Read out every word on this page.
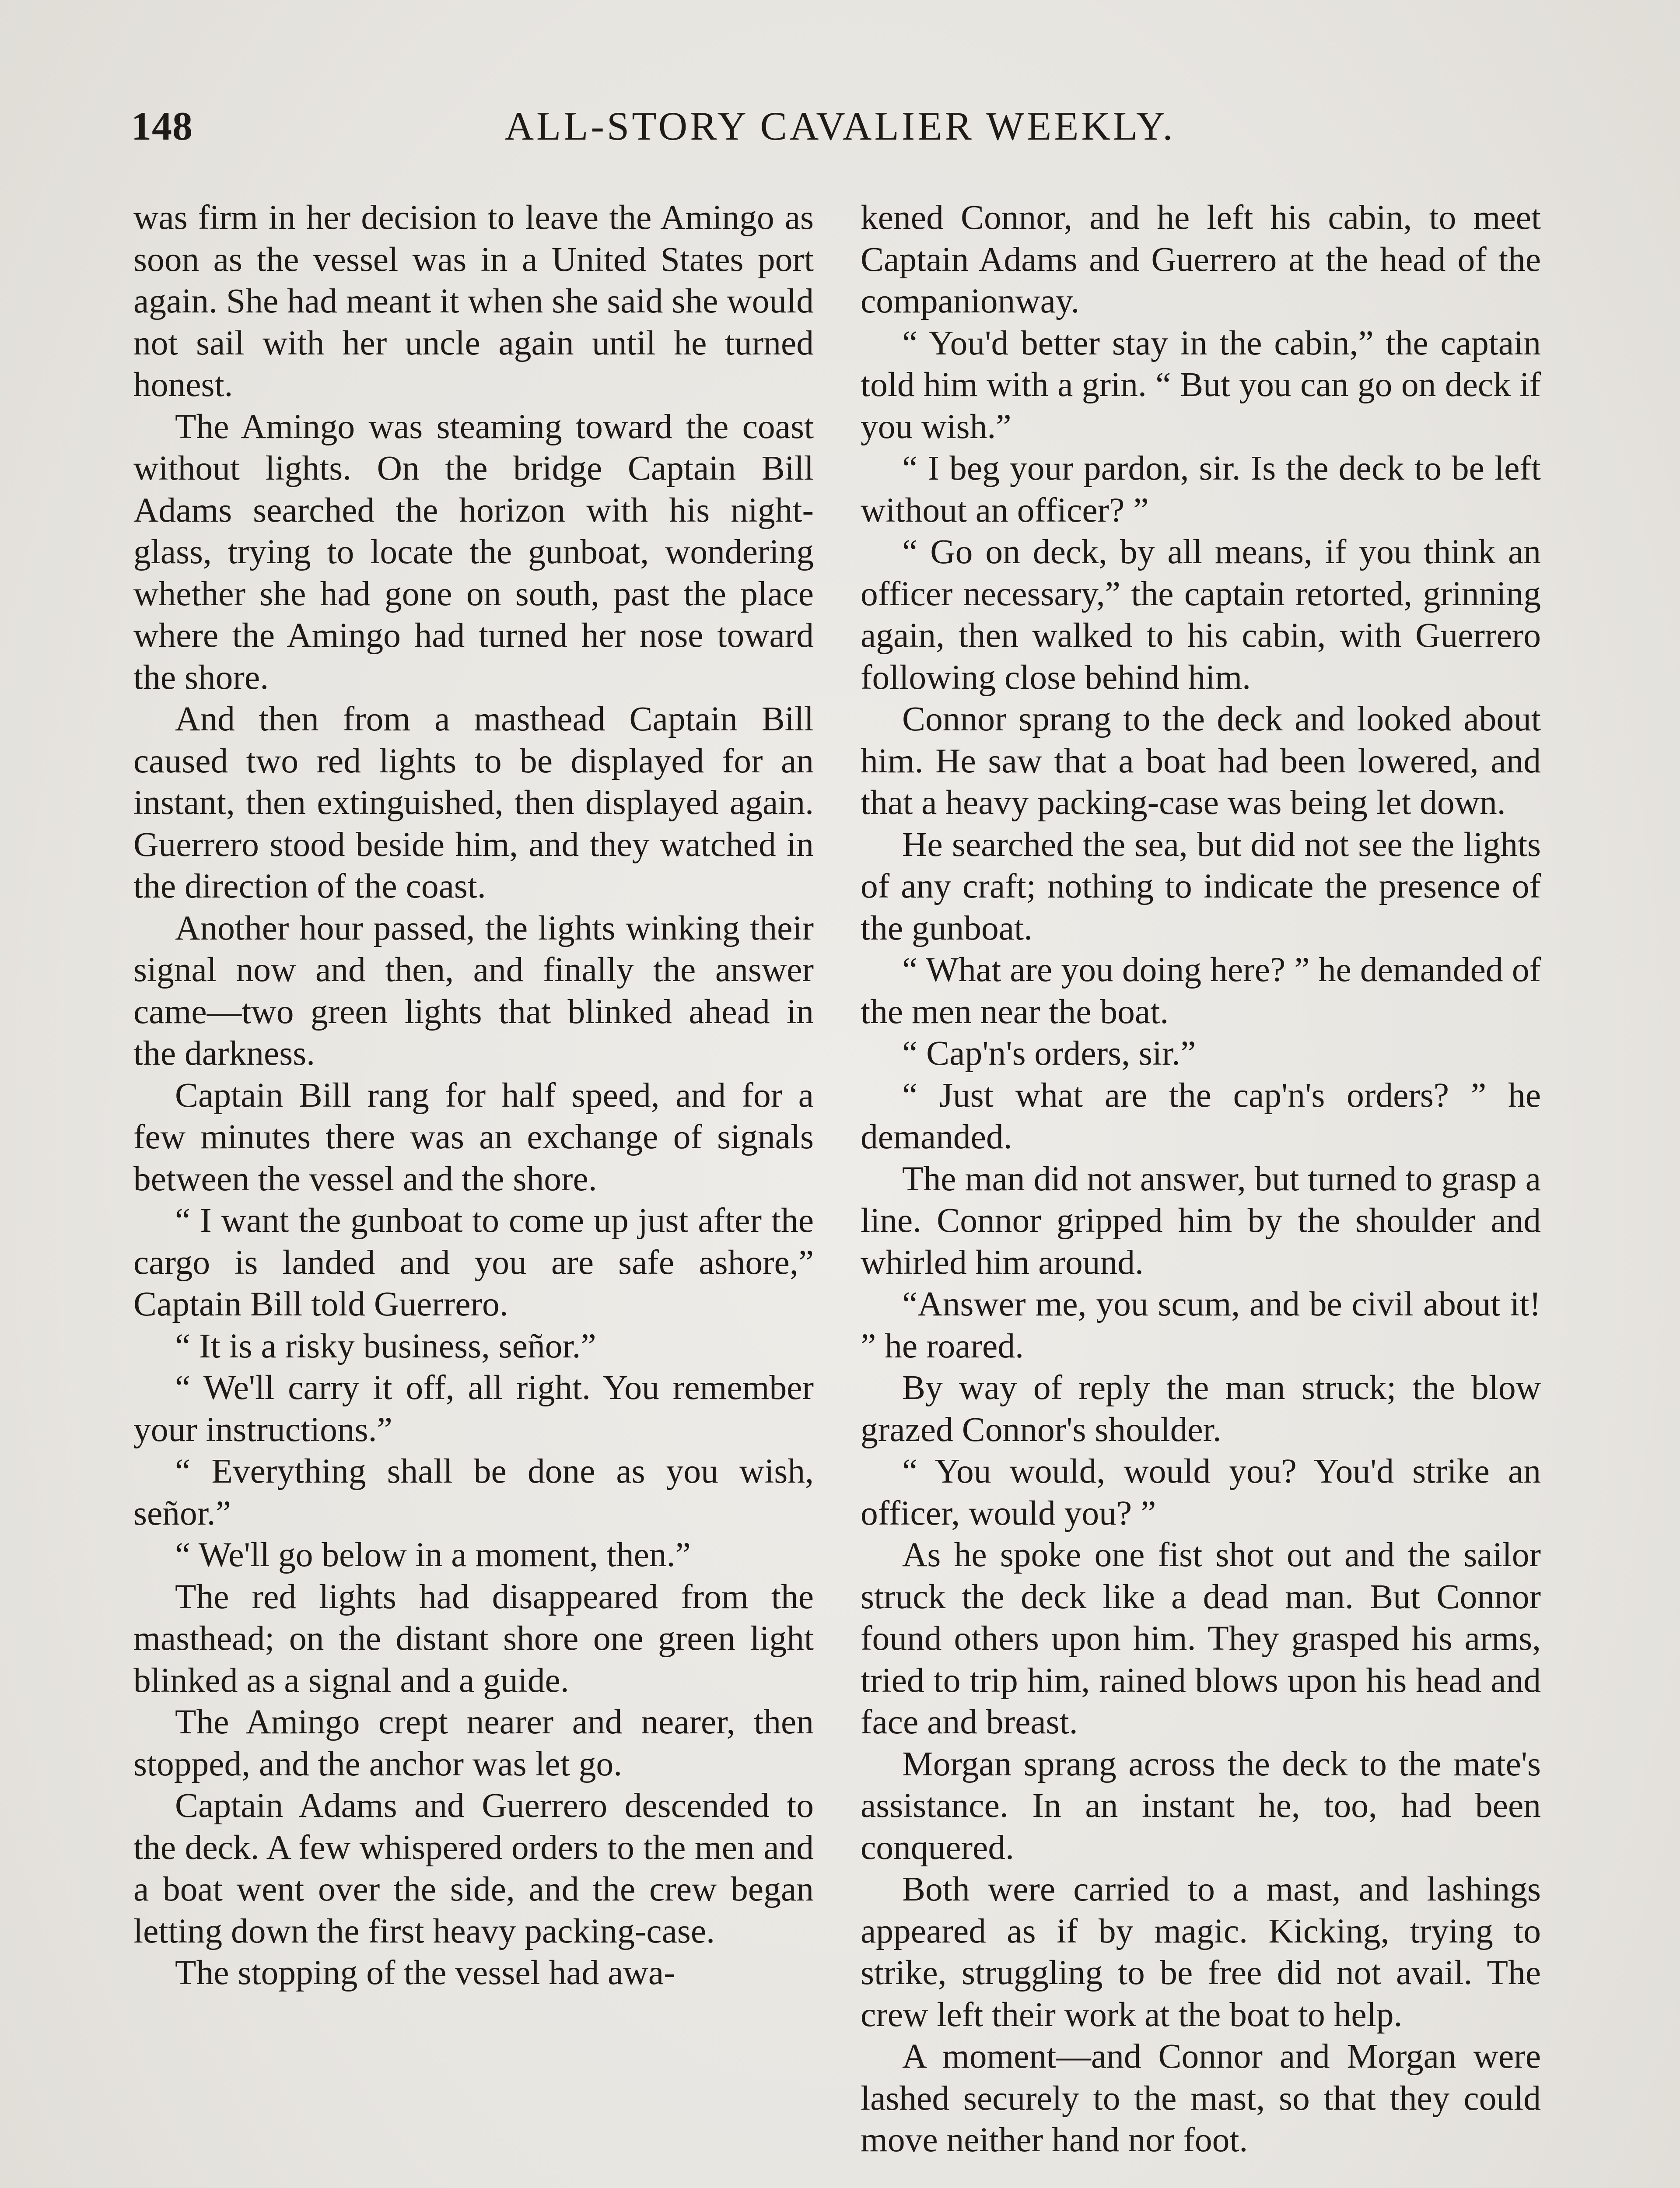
148	ALL-STORY CAVALIER WEEKLY.

was firm in her decision to leave the Amingo as soon as the vessel was in a United States port again. She had meant it when she said she would not sail with her uncle again until he turned honest.

The Amingo was steaming toward the coast without lights. On the bridge Captain Bill Adams searched the horizon with his night-glass, trying to locate the gunboat, wondering whether she had gone on south, past the place where the Amingo had turned her nose toward the shore.

And then from a masthead Captain Bill caused two red lights to be displayed for an instant, then extinguished, then displayed again. Guerrero stood beside him, and they watched in the direction of the coast.

Another hour passed, the lights winking their signal now and then, and finally the answer came—two green lights that blinked ahead in the darkness.

Captain Bill rang for half speed, and for a few minutes there was an exchange of signals between the vessel and the shore.

“ I want the gunboat to come up just after the cargo is landed and you are safe ashore,” Captain Bill told Guerrero.

“ It is a risky business, señor.”

“ We'll carry it off, all right. You remember your instructions.”

“ Everything shall be done as you wish, señor.”

“ We'll go below in a moment, then.”

The red lights had disappeared from the masthead; on the distant shore one green light blinked as a signal and a guide.

The Amingo crept nearer and nearer, then stopped, and the anchor was let go.

Captain Adams and Guerrero descended to the deck. A few whispered orders to the men and a boat went over the side, and the crew began letting down the first heavy packing-case.

The stopping of the vessel had awa-

kened Connor, and he left his cabin, to meet Captain Adams and Guerrero at the head of the companionway.

“ You'd better stay in the cabin,” the captain told him with a grin. “ But you can go on deck if you wish.”

“ I beg your pardon, sir. Is the deck to be left without an officer? ”

“ Go on deck, by all means, if you think an officer necessary,” the captain retorted, grinning again, then walked to his cabin, with Guerrero following close behind him.

Connor sprang to the deck and looked about him. He saw that a boat had been lowered, and that a heavy packing-case was being let down.

He searched the sea, but did not see the lights of any craft; nothing to indicate the presence of the gunboat.

“ What are you doing here? ” he demanded of the men near the boat.

“ Cap'n's orders, sir.”

“ Just what are the cap'n's orders? ” he demanded.

The man did not answer, but turned to grasp a line. Connor gripped him by the shoulder and whirled him around.

“Answer me, you scum, and be civil about it! ” he roared.

By way of reply the man struck; the blow grazed Connor's shoulder.

“ You would, would you? You'd strike an officer, would you? ”

As he spoke one fist shot out and the sailor struck the deck like a dead man. But Connor found others upon him. They grasped his arms, tried to trip him, rained blows upon his head and face and breast.

Morgan sprang across the deck to the mate's assistance. In an instant he, too, had been conquered.

Both were carried to a mast, and lashings appeared as if by magic. Kicking, trying to strike, struggling to be free did not avail. The crew left their work at the boat to help.

A moment—and Connor and Morgan were lashed securely to the mast, so that they could move neither hand nor foot.
